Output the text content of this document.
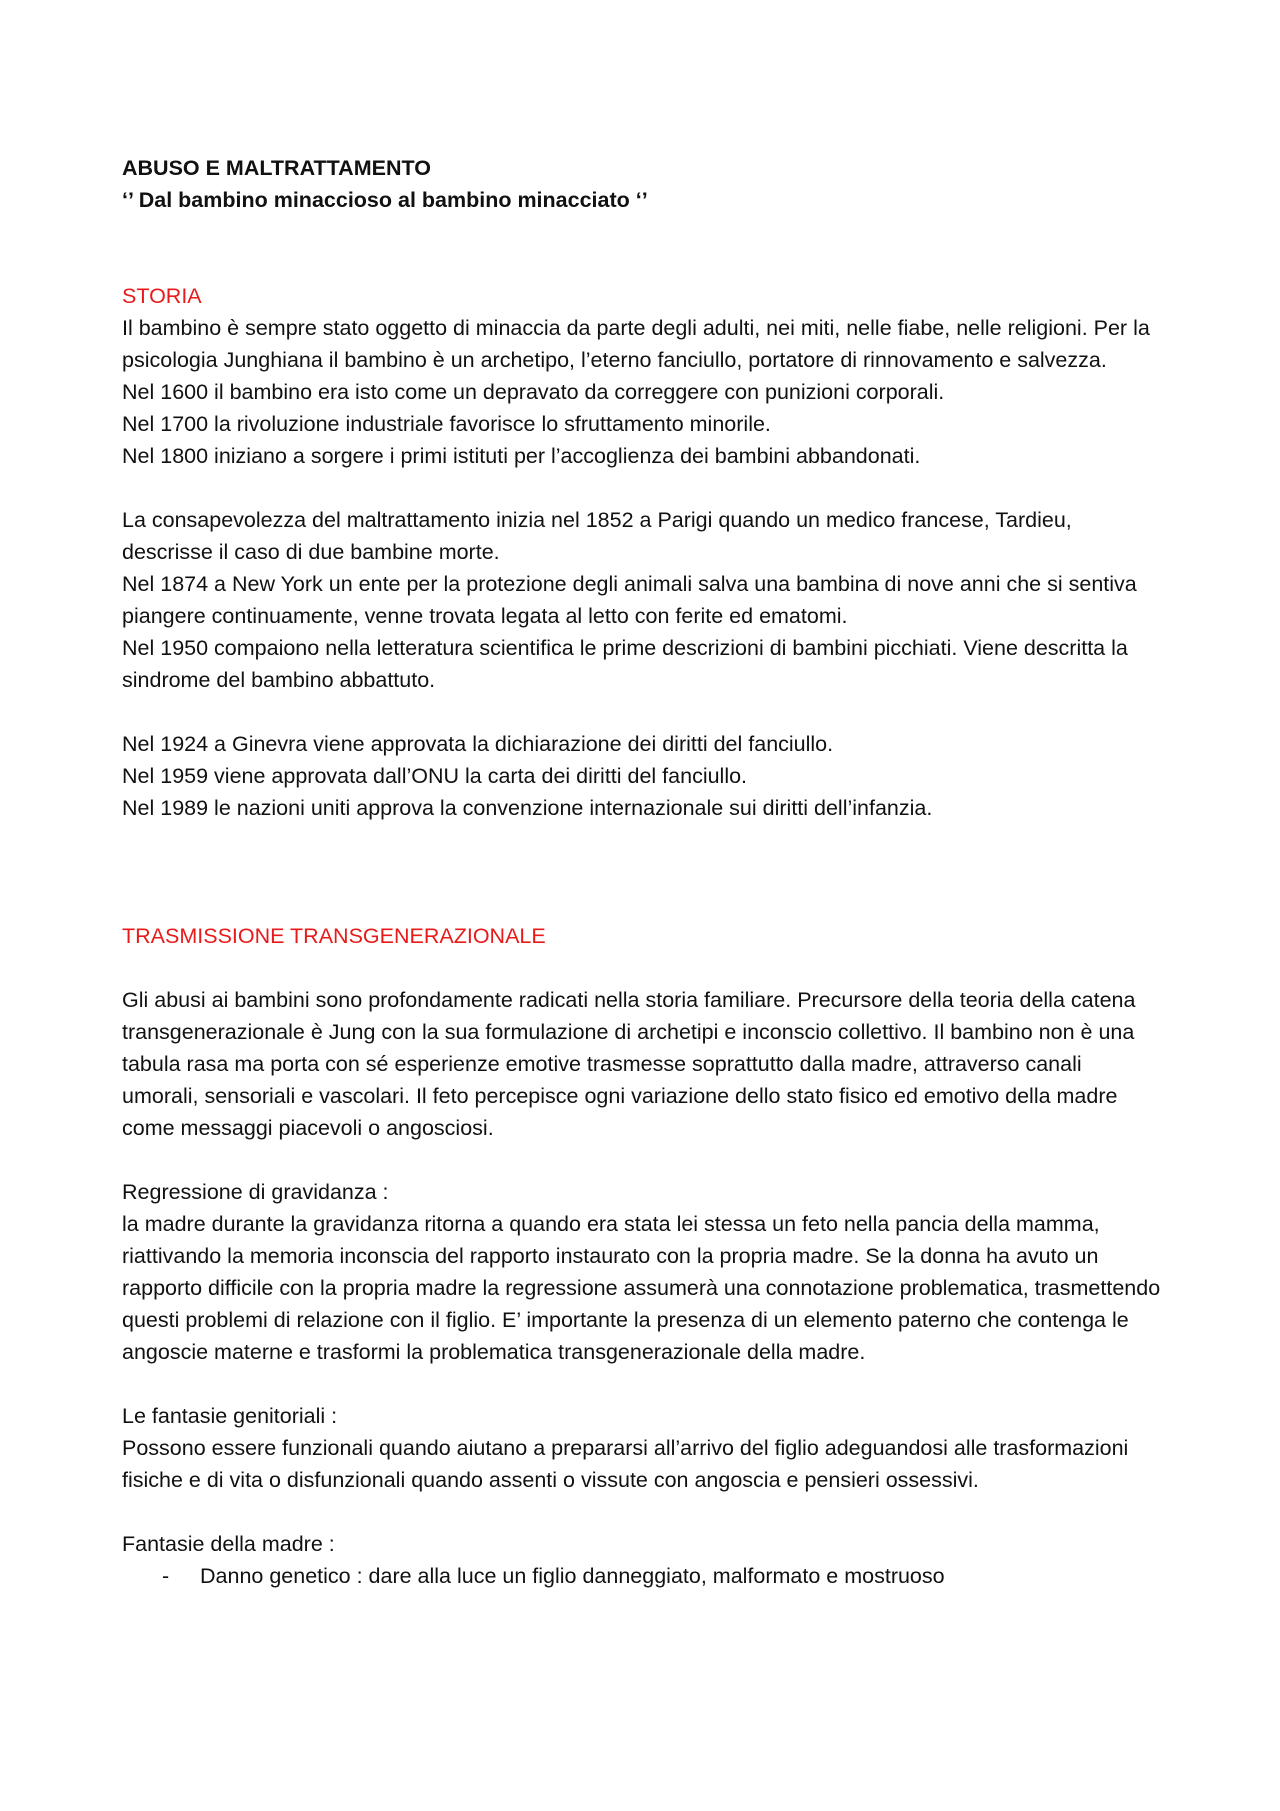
ABUSO E MALTRATTAMENTO

‘’ Dal bambino minaccioso al bambino minacciato ‘’

STORIA

Il bambino è sempre stato oggetto di minaccia da parte degli adulti, nei miti, nelle fiabe, nelle religioni. Per la psicologia Junghiana il bambino è un archetipo, l’eterno fanciullo, portatore di rinnovamento e salvezza.

Nel 1600 il bambino era isto come un depravato da correggere con punizioni corporali.

Nel 1700 la rivoluzione industriale favorisce lo sfruttamento minorile.

Nel 1800 iniziano a sorgere i primi istituti per l’accoglienza dei bambini abbandonati.

La consapevolezza del maltrattamento inizia nel 1852 a Parigi quando un medico francese, Tardieu, descrisse il caso di due bambine morte.

Nel 1874 a New York un ente per la protezione degli animali salva una bambina di nove anni che si sentiva piangere continuamente, venne trovata legata al letto con ferite ed ematomi.

Nel 1950 compaiono nella letteratura scientifica le prime descrizioni di bambini picchiati. Viene descritta la sindrome del bambino abbattuto.

Nel 1924 a Ginevra viene approvata la dichiarazione dei diritti del fanciullo.

Nel 1959 viene approvata dall’ONU la carta dei diritti del fanciullo.

Nel 1989 le nazioni uniti approva la convenzione internazionale sui diritti dell’infanzia.

TRASMISSIONE TRANSGENERAZIONALE

Gli abusi ai bambini sono profondamente radicati nella storia familiare. Precursore della teoria della catena transgenerazionale è Jung con la sua formulazione di archetipi e inconscio collettivo. Il bambino non è una tabula rasa ma porta con sé esperienze emotive trasmesse soprattutto dalla madre, attraverso canali umorali, sensoriali e vascolari. Il feto percepisce ogni variazione dello stato fisico ed emotivo della madre come messaggi piacevoli o angosciosi.

Regressione di gravidanza :

la madre durante la gravidanza ritorna a quando era stata lei stessa un feto nella pancia della mamma, riattivando la memoria inconscia del rapporto instaurato con la propria madre. Se la donna ha avuto un rapporto difficile con la propria madre la regressione assumerà una connotazione problematica, trasmettendo questi problemi di relazione con il figlio. E’ importante la presenza di un elemento paterno che contenga le angoscie materne e trasformi la problematica transgenerazionale della madre.

Le fantasie genitoriali :

Possono essere funzionali quando aiutano a prepararsi all’arrivo del figlio adeguandosi alle trasformazioni fisiche e di vita o disfunzionali quando assenti o vissute con angoscia e pensieri ossessivi.

Fantasie della madre :

-	Danno genetico : dare alla luce un figlio danneggiato, malformato e mostruoso
